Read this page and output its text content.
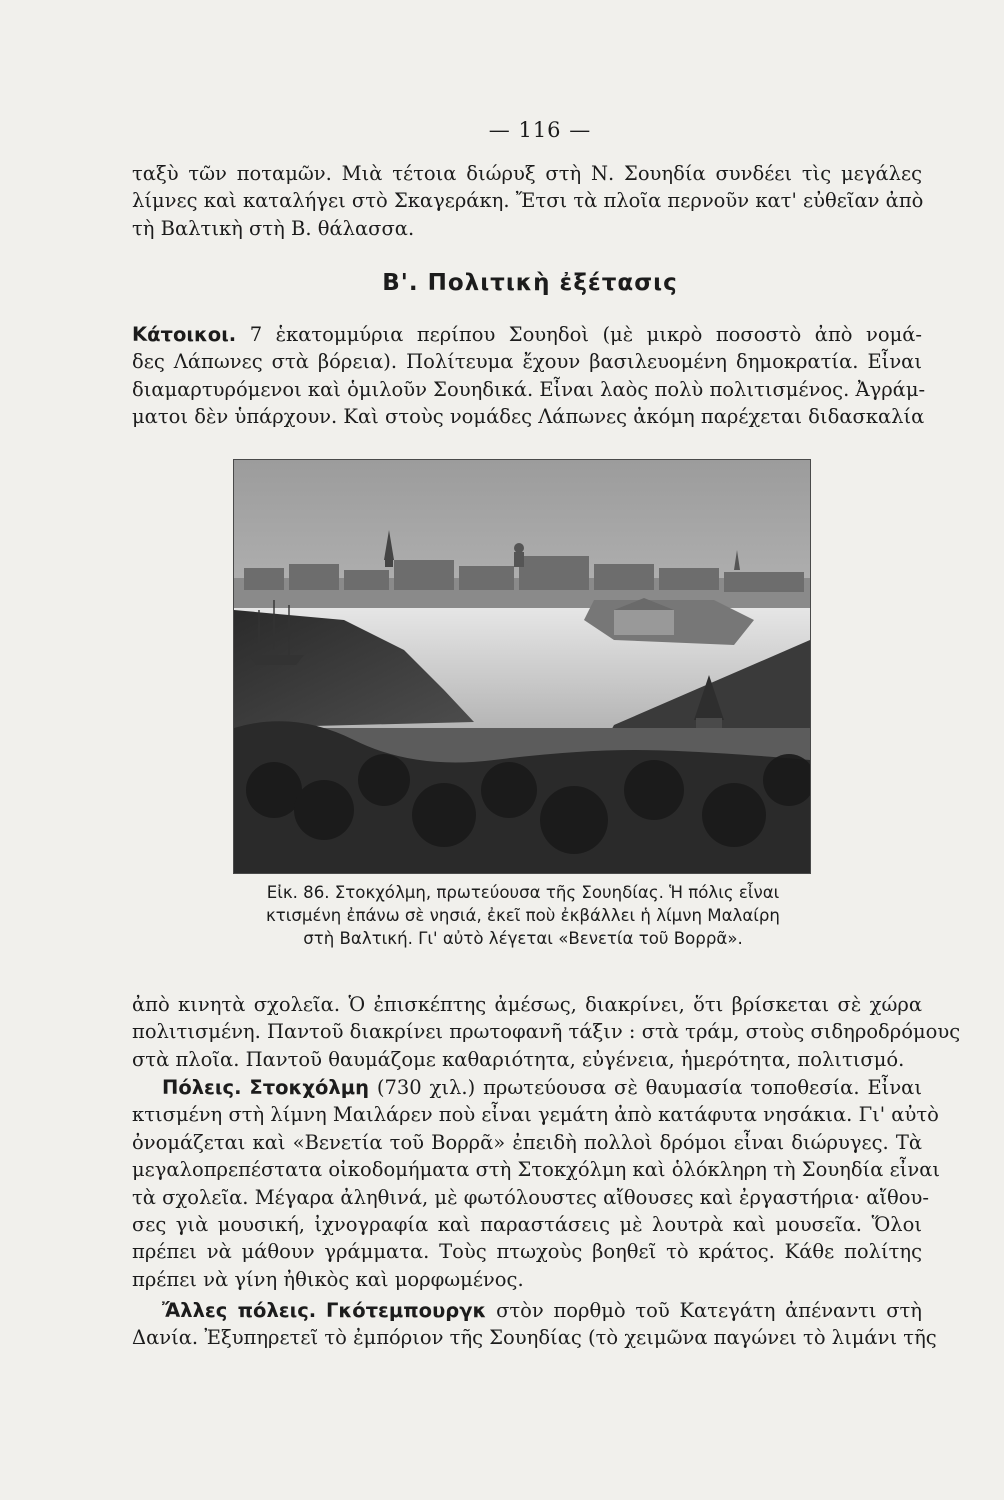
— 116 —
ταξὺ τῶν ποταμῶν. Μιὰ τέτοια διώρυξ στὴ Ν. Σουηδία συνδέει τὶς μεγάλες
λίμνες καὶ καταλήγει στὸ Σκαγεράκη. Ἔτσι τὰ πλοῖα περνοῦν κατ' εὐθεῖαν ἀπὸ
τὴ Βαλτικὴ στὴ Β. θάλασσα.
Β'. Πολιτικὴ ἐξέτασις
Κάτοικοι. 7 ἑκατομμύρια περίπου Σουηδοὶ (μὲ μικρὸ ποσοστὸ ἀπὸ νομά-
δες Λάπωνες στὰ βόρεια). Πολίτευμα ἔχουν βασιλευομένη δημοκρατία. Εἶναι
διαμαρτυρόμενοι καὶ ὁμιλοῦν Σουηδικά. Εἶναι λαὸς πολὺ πολιτισμένος. Ἀγράμ-
ματοι δὲν ὑπάρχουν. Καὶ στοὺς νομάδες Λάπωνες ἀκόμη παρέχεται διδασκαλία
Εἰκ. 86. Στοκχόλμη, πρωτεύουσα τῆς Σουηδίας. Ἡ πόλις εἶναι
κτισμένη ἐπάνω σὲ νησιά, ἐκεῖ ποὺ ἐκβάλλει ἡ λίμνη Μαλαίρη
στὴ Βαλτική. Γι' αὐτὸ λέγεται «Βενετία τοῦ Βορρᾶ».
ἀπὸ κινητὰ σχολεῖα. Ὁ ἐπισκέπτης ἀμέσως, διακρίνει, ὅτι βρίσκεται σὲ χώρα
πολιτισμένη. Παντοῦ διακρίνει πρωτοφανῆ τάξιν : στὰ τράμ, στοὺς σιδηροδρόμους
στὰ πλοῖα. Παντοῦ θαυμάζομε καθαριότητα, εὐγένεια, ἡμερότητα, πολιτισμό.
Πόλεις. Στοκχόλμη (730 χιλ.) πρωτεύουσα σὲ θαυμασία τοποθεσία. Εἶναι
κτισμένη στὴ λίμνη Μαιλάρεν ποὺ εἶναι γεμάτη ἀπὸ κατάφυτα νησάκια. Γι' αὐτὸ
ὀνομάζεται καὶ «Βενετία τοῦ Βορρᾶ» ἐπειδὴ πολλοὶ δρόμοι εἶναι διώρυγες. Τὰ
μεγαλοπρεπέστατα οἰκοδομήματα στὴ Στοκχόλμη καὶ ὁλόκληρη τὴ Σουηδία εἶναι
τὰ σχολεῖα. Μέγαρα ἀληθινά, μὲ φωτόλουστες αἴθουσες καὶ ἐργαστήρια· αἴθου-
σες γιὰ μουσική, ἰχνογραφία καὶ παραστάσεις μὲ λουτρὰ καὶ μουσεῖα. Ὅλοι
πρέπει νὰ μάθουν γράμματα. Τοὺς πτωχοὺς βοηθεῖ τὸ κράτος. Κάθε πολίτης
πρέπει νὰ γίνη ἠθικὸς καὶ μορφωμένος.
Ἄλλες πόλεις. Γκότεμπουργκ στὸν πορθμὸ τοῦ Κατεγάτη ἀπέναντι στὴ
Δανία. Ἐξυπηρετεῖ τὸ ἐμπόριον τῆς Σουηδίας (τὸ χειμῶνα παγώνει τὸ λιμάνι τῆς
